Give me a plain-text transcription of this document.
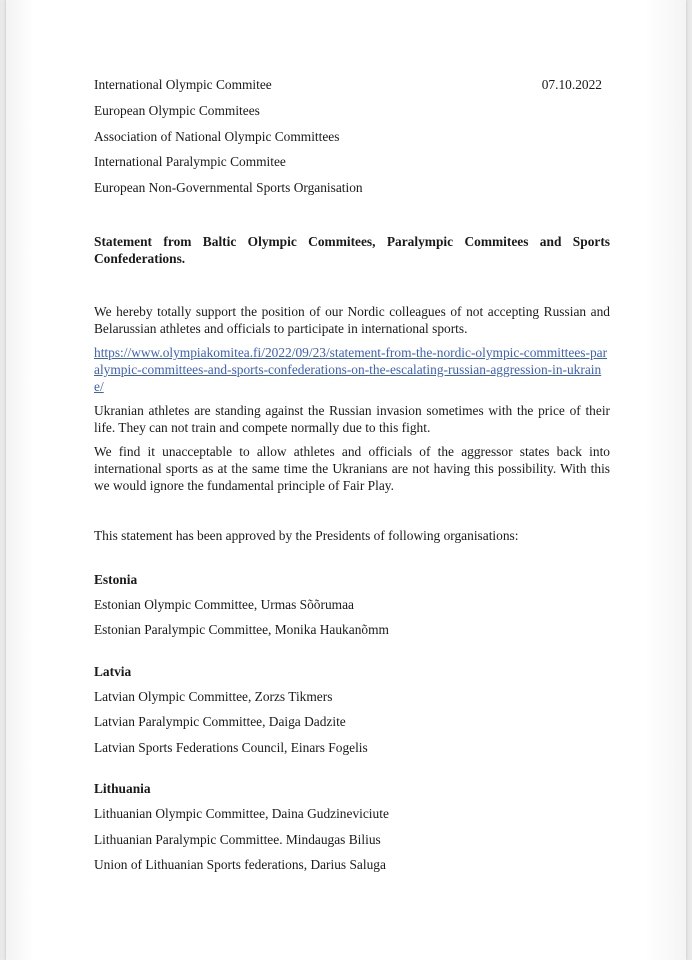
International Olympic Commitee	07.10.2022
European Olympic Commitees
Association of National Olympic Committees
International Paralympic Commitee
European Non-Governmental Sports Organisation
Statement from Baltic Olympic Commitees, Paralympic Commitees and Sports Confederations.

We hereby totally support the position of our Nordic colleagues of not accepting Russian and Belarussian athletes and officials to participate in international sports.

https://www.olympiakomitea.fi/2022/09/23/statement-from-the-nordic-olympic-committees-paralympic-committees-and-sports-confederations-on-the-escalating-russian-aggression-in-ukraine/

Ukranian athletes are standing against the Russian invasion sometimes with the price of their life. They can not train and compete normally due to this fight.

We find it unacceptable to allow athletes and officials of the aggressor states back into international sports as at the same time the Ukranians are not having this possibility. With this we would ignore the fundamental principle of Fair Play.

This statement has been approved by the Presidents of following organisations:
Estonia
Estonian Olympic Committee, Urmas Sõõrumaa
Estonian Paralympic Committee, Monika Haukanõmm
Latvia
Latvian Olympic Committee, Zorzs Tikmers
Latvian Paralympic Committee, Daiga Dadzite
Latvian Sports Federations Council, Einars Fogelis
Lithuania
Lithuanian Olympic Committee, Daina Gudzineviciute
Lithuanian Paralympic Committee. Mindaugas Bilius
Union of Lithuanian Sports federations, Darius Saluga
